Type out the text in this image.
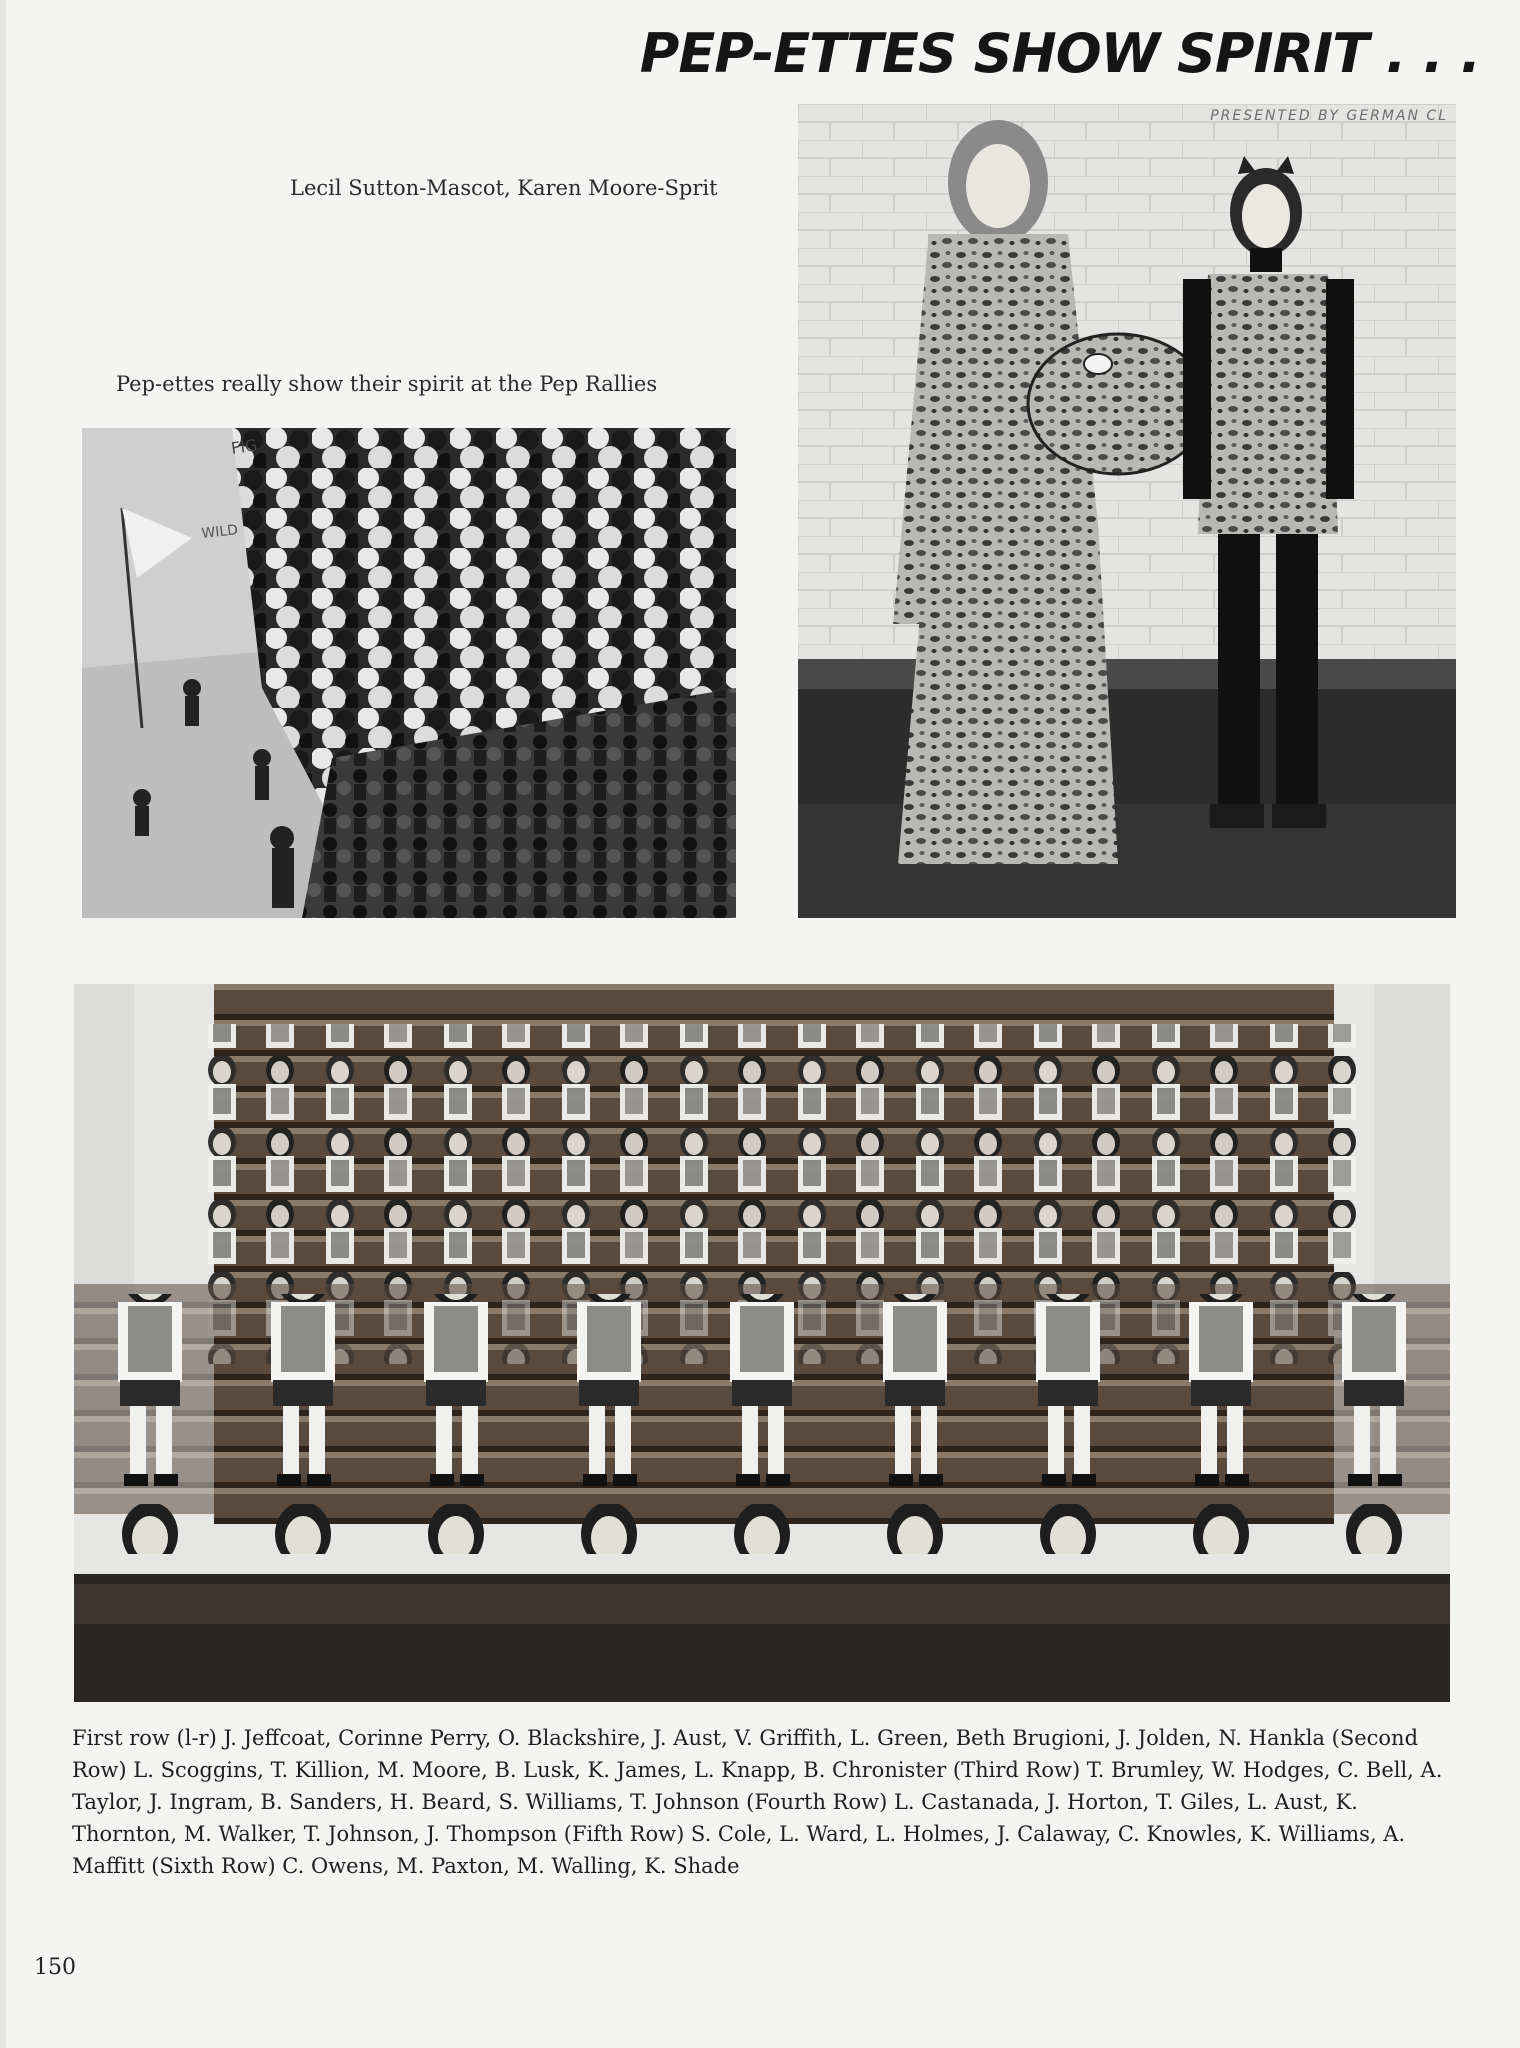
PEP-ETTES SHOW SPIRIT . . .
Lecil Sutton-Mascot, Karen Moore-Sprit
Pep-ettes really show their spirit at the Pep Rallies
FIG
WILD
PRESENTED BY GERMAN CL

First row (l-r) J. Jeffcoat, Corinne Perry, O. Blackshire, J. Aust, V. Griffith, L. Green, Beth Brugioni, J. Jolden, N. Hankla (Second Row) L. Scoggins, T. Killion, M. Moore, B. Lusk, K. James, L. Knapp, B. Chronister (Third Row) T. Brumley, W. Hodges, C. Bell, A. Taylor, J. Ingram, B. Sanders, H. Beard, S. Williams, T. Johnson (Fourth Row) L. Castanada, J. Horton, T. Giles, L. Aust, K. Thornton, M. Walker, T. Johnson, J. Thompson (Fifth Row) S. Cole, L. Ward, L. Holmes, J. Calaway, C. Knowles, K. Williams, A. Maffitt (Sixth Row) C. Owens, M. Paxton, M. Walling, K. Shade

150
